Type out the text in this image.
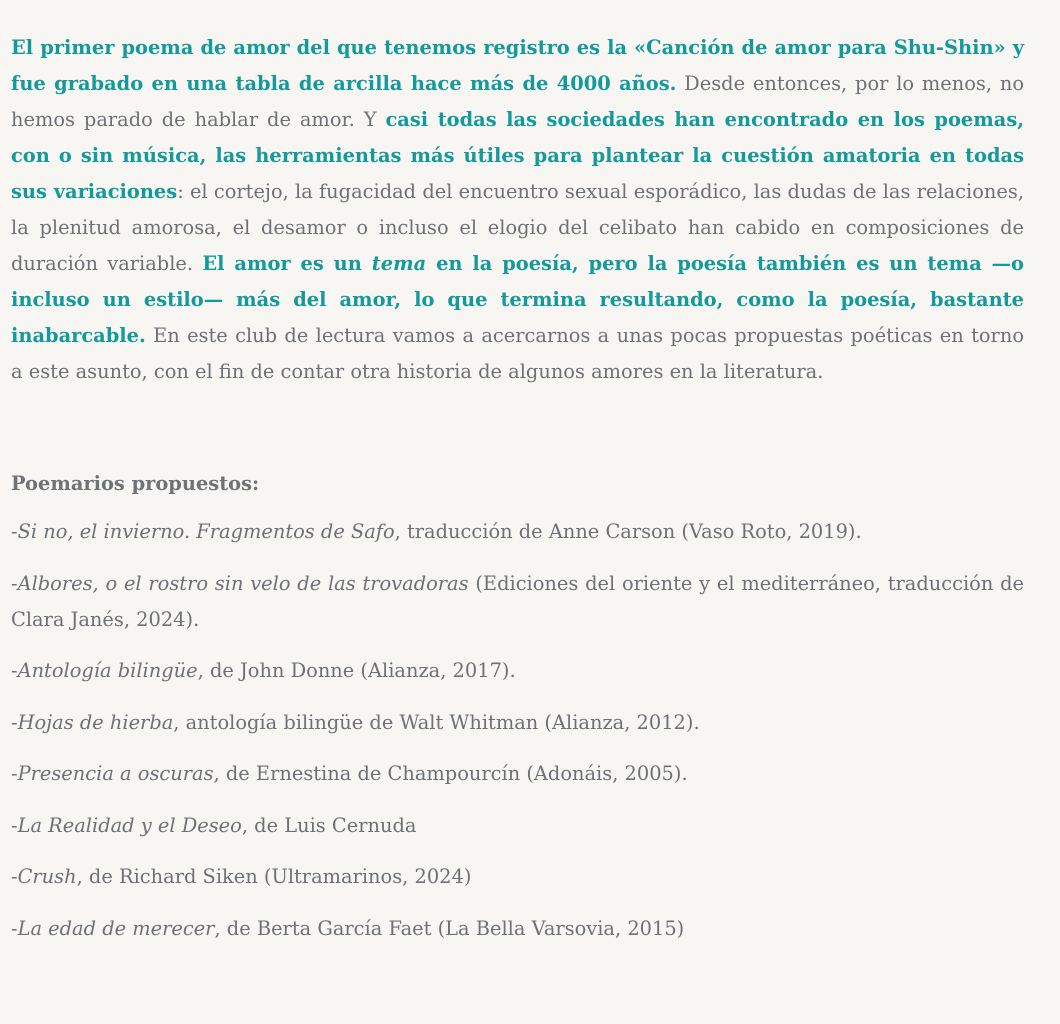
El primer poema de amor del que tenemos registro es la «Canción de amor para Shu-Shin» y fue grabado en una tabla de arcilla hace más de 4000 años. Desde entonces, por lo menos, no hemos parado de hablar de amor. Y casi todas las sociedades han encontrado en los poemas, con o sin música, las herramientas más útiles para plantear la cuestión amatoria en todas sus variaciones: el cortejo, la fugacidad del encuentro sexual esporádico, las dudas de las relaciones, la plenitud amorosa, el desamor o incluso el elogio del celibato han cabido en composiciones de duración variable. El amor es un tema en la poesía, pero la poesía también es un tema —o incluso un estilo— más del amor, lo que termina resultando, como la poesía, bastante inabarcable. En este club de lectura vamos a acercarnos a unas pocas propuestas poéticas en torno a este asunto, con el fin de contar otra historia de algunos amores en la literatura.

Poemarios propuestos:
-Si no, el invierno. Fragmentos de Safo, traducción de Anne Carson (Vaso Roto, 2019).
-Albores, o el rostro sin velo de las trovadoras (Ediciones del oriente y el mediterráneo, traducción de Clara Janés, 2024).
-Antología bilingüe, de John Donne (Alianza, 2017).
-Hojas de hierba, antología bilingüe de Walt Whitman (Alianza, 2012).
-Presencia a oscuras, de Ernestina de Champourcín (Adonáis, 2005).
-La Realidad y el Deseo, de Luis Cernuda
-Crush, de Richard Siken (Ultramarinos, 2024)
-La edad de merecer, de Berta García Faet (La Bella Varsovia, 2015)
